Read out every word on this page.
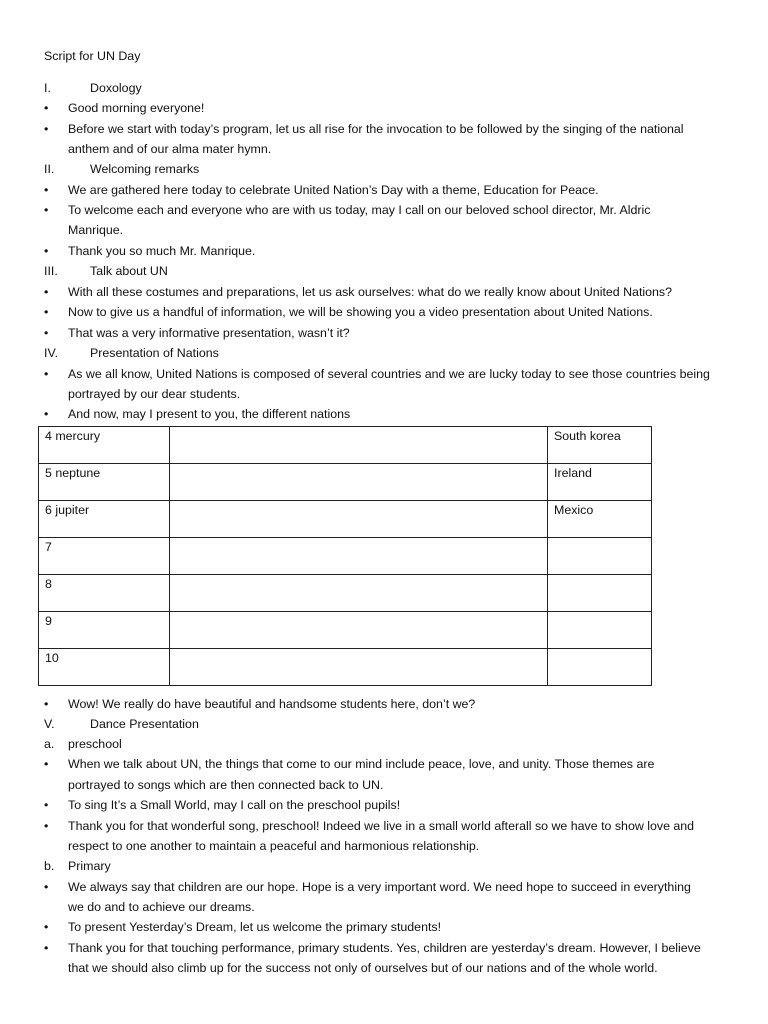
Script for UN Day
I.	Doxology
•	Good morning everyone!
•	Before we start with today’s program, let us all rise for the invocation to be followed by the singing of the national
anthem and of our alma mater hymn.
II.	Welcoming remarks
•	We are gathered here today to celebrate United Nation’s Day with a theme, Education for Peace.
•	To welcome each and everyone who are with us today, may I call on our beloved school director, Mr. Aldric
Manrique.
•	Thank you so much Mr. Manrique.
III.	Talk about UN
•	With all these costumes and preparations, let us ask ourselves: what do we really know about United Nations?
•	Now to give us a handful of information, we will be showing you a video presentation about United Nations.
•	That was a very informative presentation, wasn’t it?
IV.	Presentation of Nations
•	As we all know, United Nations is composed of several countries and we are lucky today to see those countries being
portrayed by our dear students.
•	And now, may I present to you, the different nations
4 mercury		South korea
5 neptune		Ireland
6 jupiter		Mexico
7		
8		
9		
10		
•	Wow! We really do have beautiful and handsome students here, don’t we?
V.	Dance Presentation
a. preschool
•	When we talk about UN, the things that come to our mind include peace, love, and unity. Those themes are
portrayed to songs which are then connected back to UN.
•	To sing It’s a Small World, may I call on the preschool pupils!
•	Thank you for that wonderful song, preschool! Indeed we live in a small world afterall so we have to show love and
respect to one another to maintain a peaceful and harmonious relationship.
b. Primary
•	We always say that children are our hope. Hope is a very important word. We need hope to succeed in everything
we do and to achieve our dreams.
•	To present Yesterday’s Dream, let us welcome the primary students!
•	Thank you for that touching performance, primary students. Yes, children are yesterday’s dream. However, I believe
that we should also climb up for the success not only of ourselves but of our nations and of the whole world.
